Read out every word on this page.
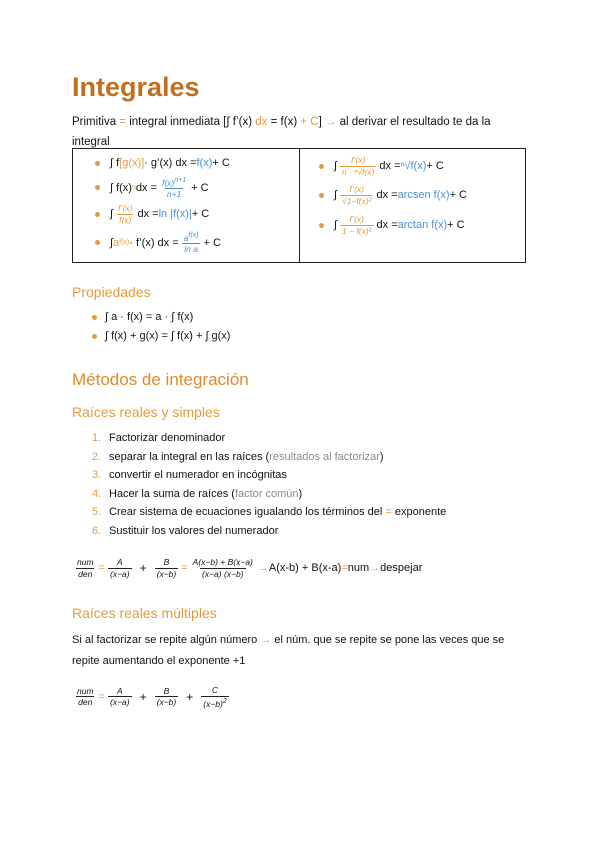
Integrales
Primitiva = integral inmediata [∫ f’(x) dx = f(x) + C] → al derivar el resultado te da la integral
∫ f [g(x)] · g’(x) dx = f(x) + C
∫ f(x) n dx = $\frac{f(x)^{n+1}}{n+1} + C$
∫ $\frac{f’(x)}{f(x)}$ dx = ln |f(x)| + C
∫ a f(x) · f’(x) dx = $\frac{a^{f(x)}}{\text{ln a}} + C$
∫ $\frac{f’(x)}{\text{n · ⁿ√f(x)}}$ dx = ⁿ√f(x) + C
∫ $\frac{f’(x)}{\text{√1−f(x)²}}$ dx = arcsen f(x) + C
∫ $\frac{f’(x)}{\text{1 − f(x)²}}$ dx = arctan f(x) + C
Propiedades
∫ a · f(x) = a · ∫ f(x)
∫ f(x) + g(x) = ∫ f(x) + ∫ g(x)
Métodos de integración
Raíces reales y simples
1. Factorizar denominador
2. separar la integral en las raíces (resultados al factorizar)
3. convertir el numerador en incógnitas
4. Hacer la suma de raíces (factor común)
5. Crear sistema de ecuaciones igualando los términos del = exponente
6. Sustituir los valores del numerador
$\frac{\text{num}}{\text{den}} = \frac{A}{(x-a)} + \frac{B}{(x-b)} = \frac{A(x-b) + B(x-a)}{(x-a) (x-b)} \to A(x-b) + B(x-a)$ = num → despejar
Raíces reales múltiples
Si al factorizar se repite algún número → el núm. que se repite se pone las veces que se repite aumentando el exponente +1
$\frac{\text{num}}{\text{den}} = \frac{A}{(x-a)} + \frac{B}{(x-b)} + \frac{C}{(x-b)^2}$
